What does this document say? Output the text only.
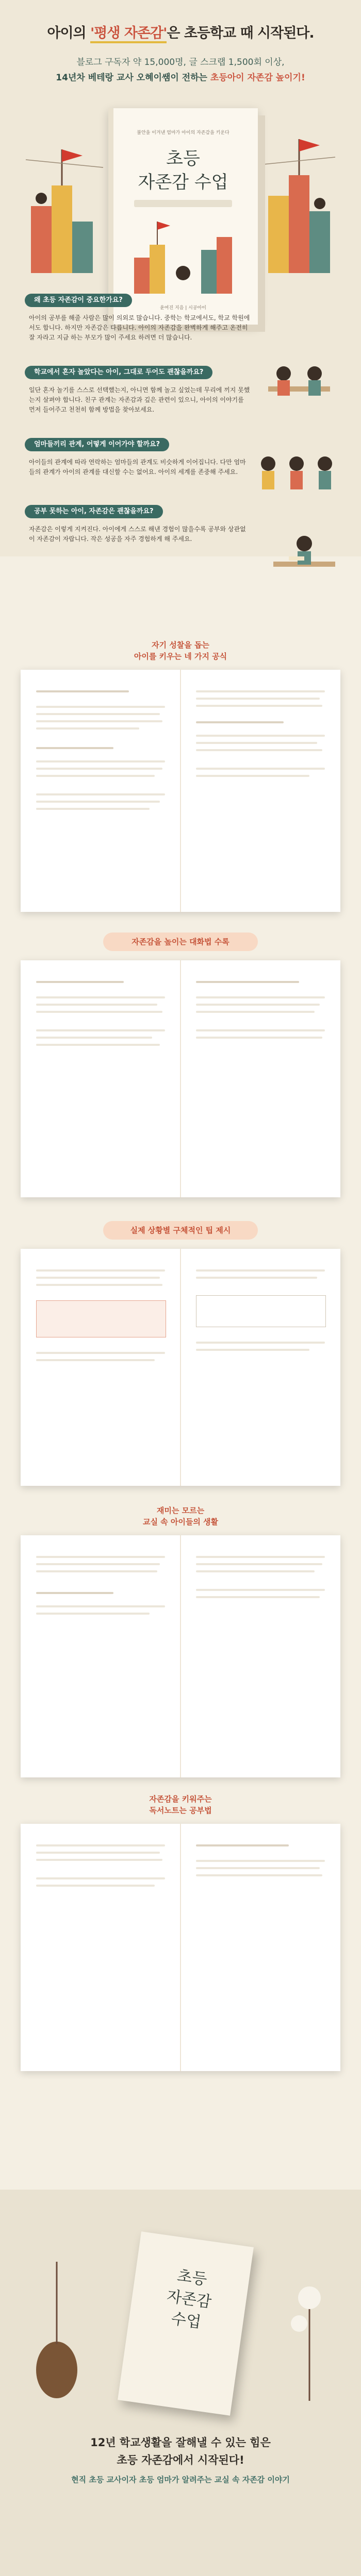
아이의 '평생 자존감'은 초등학교 때 시작된다.
블로그 구독자 약 15,000명, 글 스크랩 1,500회 이상,
14년차 베테랑 교사 오혜이쌤이 전하는 초등아이 자존감 높이기!
불안을 이겨낸 엄마가 아이의 자존감을 키운다
초등
자존감 수업
윤여진 지음 | 시공아이
왜 초등 자존감이 중요한가요?
아이의 공부를 해줄 사람은 많이 의외로 많습니다. 중학는 학교에서도, 학교 학원에서도 합니다. 하지만 자존감은 다릅니다. 아이의 자존감을 완벽하게 해주고 온전히 잘 자라고 지금 하는 부모가 많이 주세요 하려면 더 많습니다.
학교에서 혼자 놀았다는 아이, 그대로 두어도 괜찮을까요?
일단 혼자 놀기를 스스로 선택했는지, 아니면 함께 놀고 싶었는데 무리에 끼지 못했는지 살펴야 합니다. 친구 관계는 자존감과 깊은 관련이 있으니, 아이의 이야기를 먼저 들어주고 천천히 함께 방법을 찾아보세요.
엄마들끼리 관계, 어떻게 이어가야 할까요?
아이들의 관계에 따라 연락하는 엄마들의 관계도 비슷하게 이어집니다. 다만 엄마들의 관계가 아이의 관계를 대신할 수는 없어요. 아이의 세계를 존중해 주세요.
공부 못하는 아이, 자존감은 괜찮을까요?
자존감은 이렇게 지켜진다. 아이에게 스스로 해낸 경험이 많을수록 공부와 상관없이 자존감이 자랍니다. 작은 성공을 자주 경험하게 해 주세요.
자기 성찰을 돕는
아이를 키우는 네 가지 공식
자존감을 높이는 대화법 수록
실제 상황별 구체적인 팁 제시
재미는 모르는
교실 속 아이들의 생활
자존감을 키워주는
독서노트는 공부법
초등
자존감
수업
12년 학교생활을 잘해낼 수 있는 힘은
초등 자존감에서 시작된다!
현직 초등 교사이자 초등 엄마가 알려주는 교실 속 자존감 이야기
